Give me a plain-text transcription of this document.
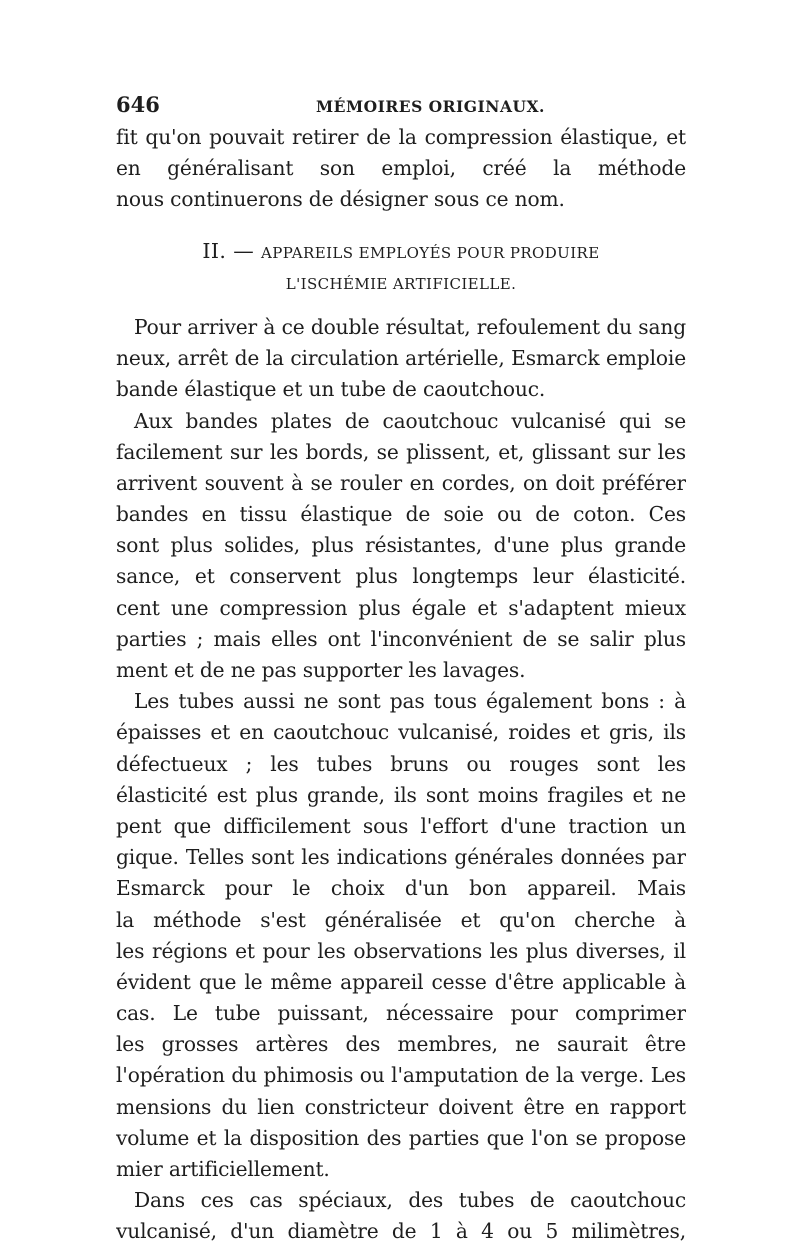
646	MÉMOIRES ORIGINAUX.
fit qu'on pouvait retirer de la compression élastique, et
en généralisant son emploi, créé la méthode
nous continuerons de désigner sous ce nom.
II. — APPAREILS EMPLOYÉS POUR PRODUIRE
L'ISCHÉMIE ARTIFICIELLE.
Pour arriver à ce double résultat, refoulement du sang
neux, arrêt de la circulation artérielle, Esmarck emploie
bande élastique et un tube de caoutchouc.
Aux bandes plates de caoutchouc vulcanisé qui se
facilement sur les bords, se plissent, et, glissant sur les
arrivent souvent à se rouler en cordes, on doit préférer
bandes en tissu élastique de soie ou de coton. Ces
sont plus solides, plus résistantes, d'une plus grande
sance, et conservent plus longtemps leur élasticité.
cent une compression plus égale et s'adaptent mieux
parties ; mais elles ont l'inconvénient de se salir plus
ment et de ne pas supporter les lavages.
Les tubes aussi ne sont pas tous également bons : à
épaisses et en caoutchouc vulcanisé, roides et gris, ils
défectueux ; les tubes bruns ou rouges sont les
élasticité est plus grande, ils sont moins fragiles et ne
pent que difficilement sous l'effort d'une traction un
gique. Telles sont les indications générales données par
Esmarck pour le choix d'un bon appareil. Mais
la méthode s'est généralisée et qu'on cherche à
les régions et pour les observations les plus diverses, il
évident que le même appareil cesse d'être applicable à
cas. Le tube puissant, nécessaire pour comprimer
les grosses artères des membres, ne saurait être
l'opération du phimosis ou l'amputation de la verge. Les
mensions du lien constricteur doivent être en rapport
volume et la disposition des parties que l'on se propose
mier artificiellement.
Dans ces cas spéciaux, des tubes de caoutchouc
vulcanisé, d'un diamètre de 1 à 4 ou 5 milimètres,
